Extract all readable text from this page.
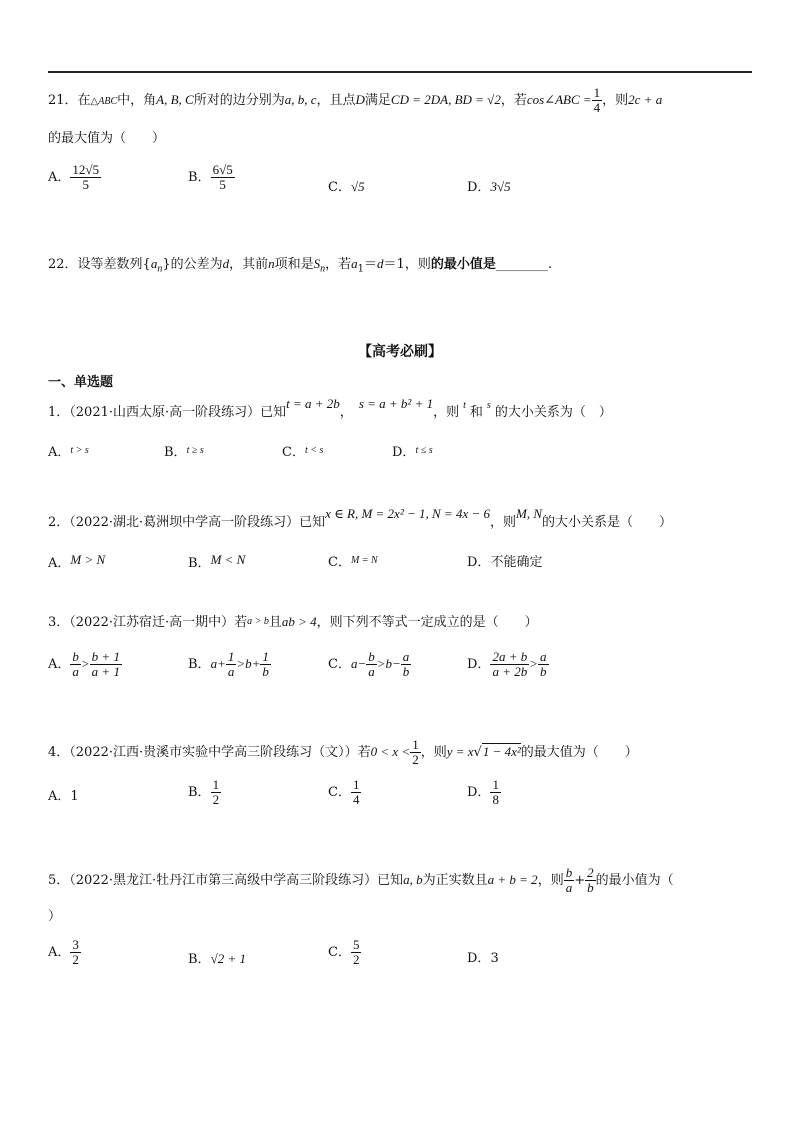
21．在△ABC中，角A, B, C所对的边分别为a, b, c，且点D满足CD = 2DA, BD = √2，若cos∠ABC = $\frac{1}{4}$ ，则2c + a
的最大值为（　　）
A． $\frac{12√5}{5}$	B． $\frac{6√5}{5}$	C．√5	D．3√5
22．设等差数列$\{a_n\}$的公差为d，其前n项和是$S_n$，若$a_1=d=1$，则的最小值是________.
【高考必刷】
一、单选题
1．（2021·山西太原·高一阶段练习）已知t = a + 2b，s = a + b² + 1，则 $^t$ 和 $^s$ 的大小关系为（　）
A．$^{t > s}$	B．$^{t \ge s}$	C．$^{t < s}$	D．$^{t \le s}$
2．（2022·湖北·葛洲坝中学高一阶段练习）已知x ∈ R, M = 2x² − 1, N = 4x − 6，则M, N的大小关系是（　　）
A．M > N	B．M < N	C．$^{M = N}$	D．不能确定
3．（2022·江苏宿迁·高一期中）若a > b且ab > 4，则下列不等式一定成立的是（　　）
A． $\frac{b}{a} > \frac{b + 1}{a + 1}$	B．$a+ \frac{1}{a} >b+ \frac{1}{b}$	C．$a- \frac{b}{a} >b- \frac{a}{b}$	D． $\frac{2a + b}{a + 2b} > \frac{a}{b}$
4．（2022·江西·贵溪市实验中学高三阶段练习（文））若$0 < x < \frac{1}{2}$ ，则y = x√1 − 4x²的最大值为（　　）
A．1	B． $\frac{1}{2}$	C． $\frac{1}{4}$	D． $\frac{1}{8}$
5．（2022·黑龙江·牡丹江市第三高级中学高三阶段练习）已知a, b为正实数且a + b = 2，则 $\frac{b}{a} + \frac{2}{b}$ 的最小值为（
）
A． $\frac{3}{2}$	B．√2 + 1	C． $\frac{5}{2}$	D．3
